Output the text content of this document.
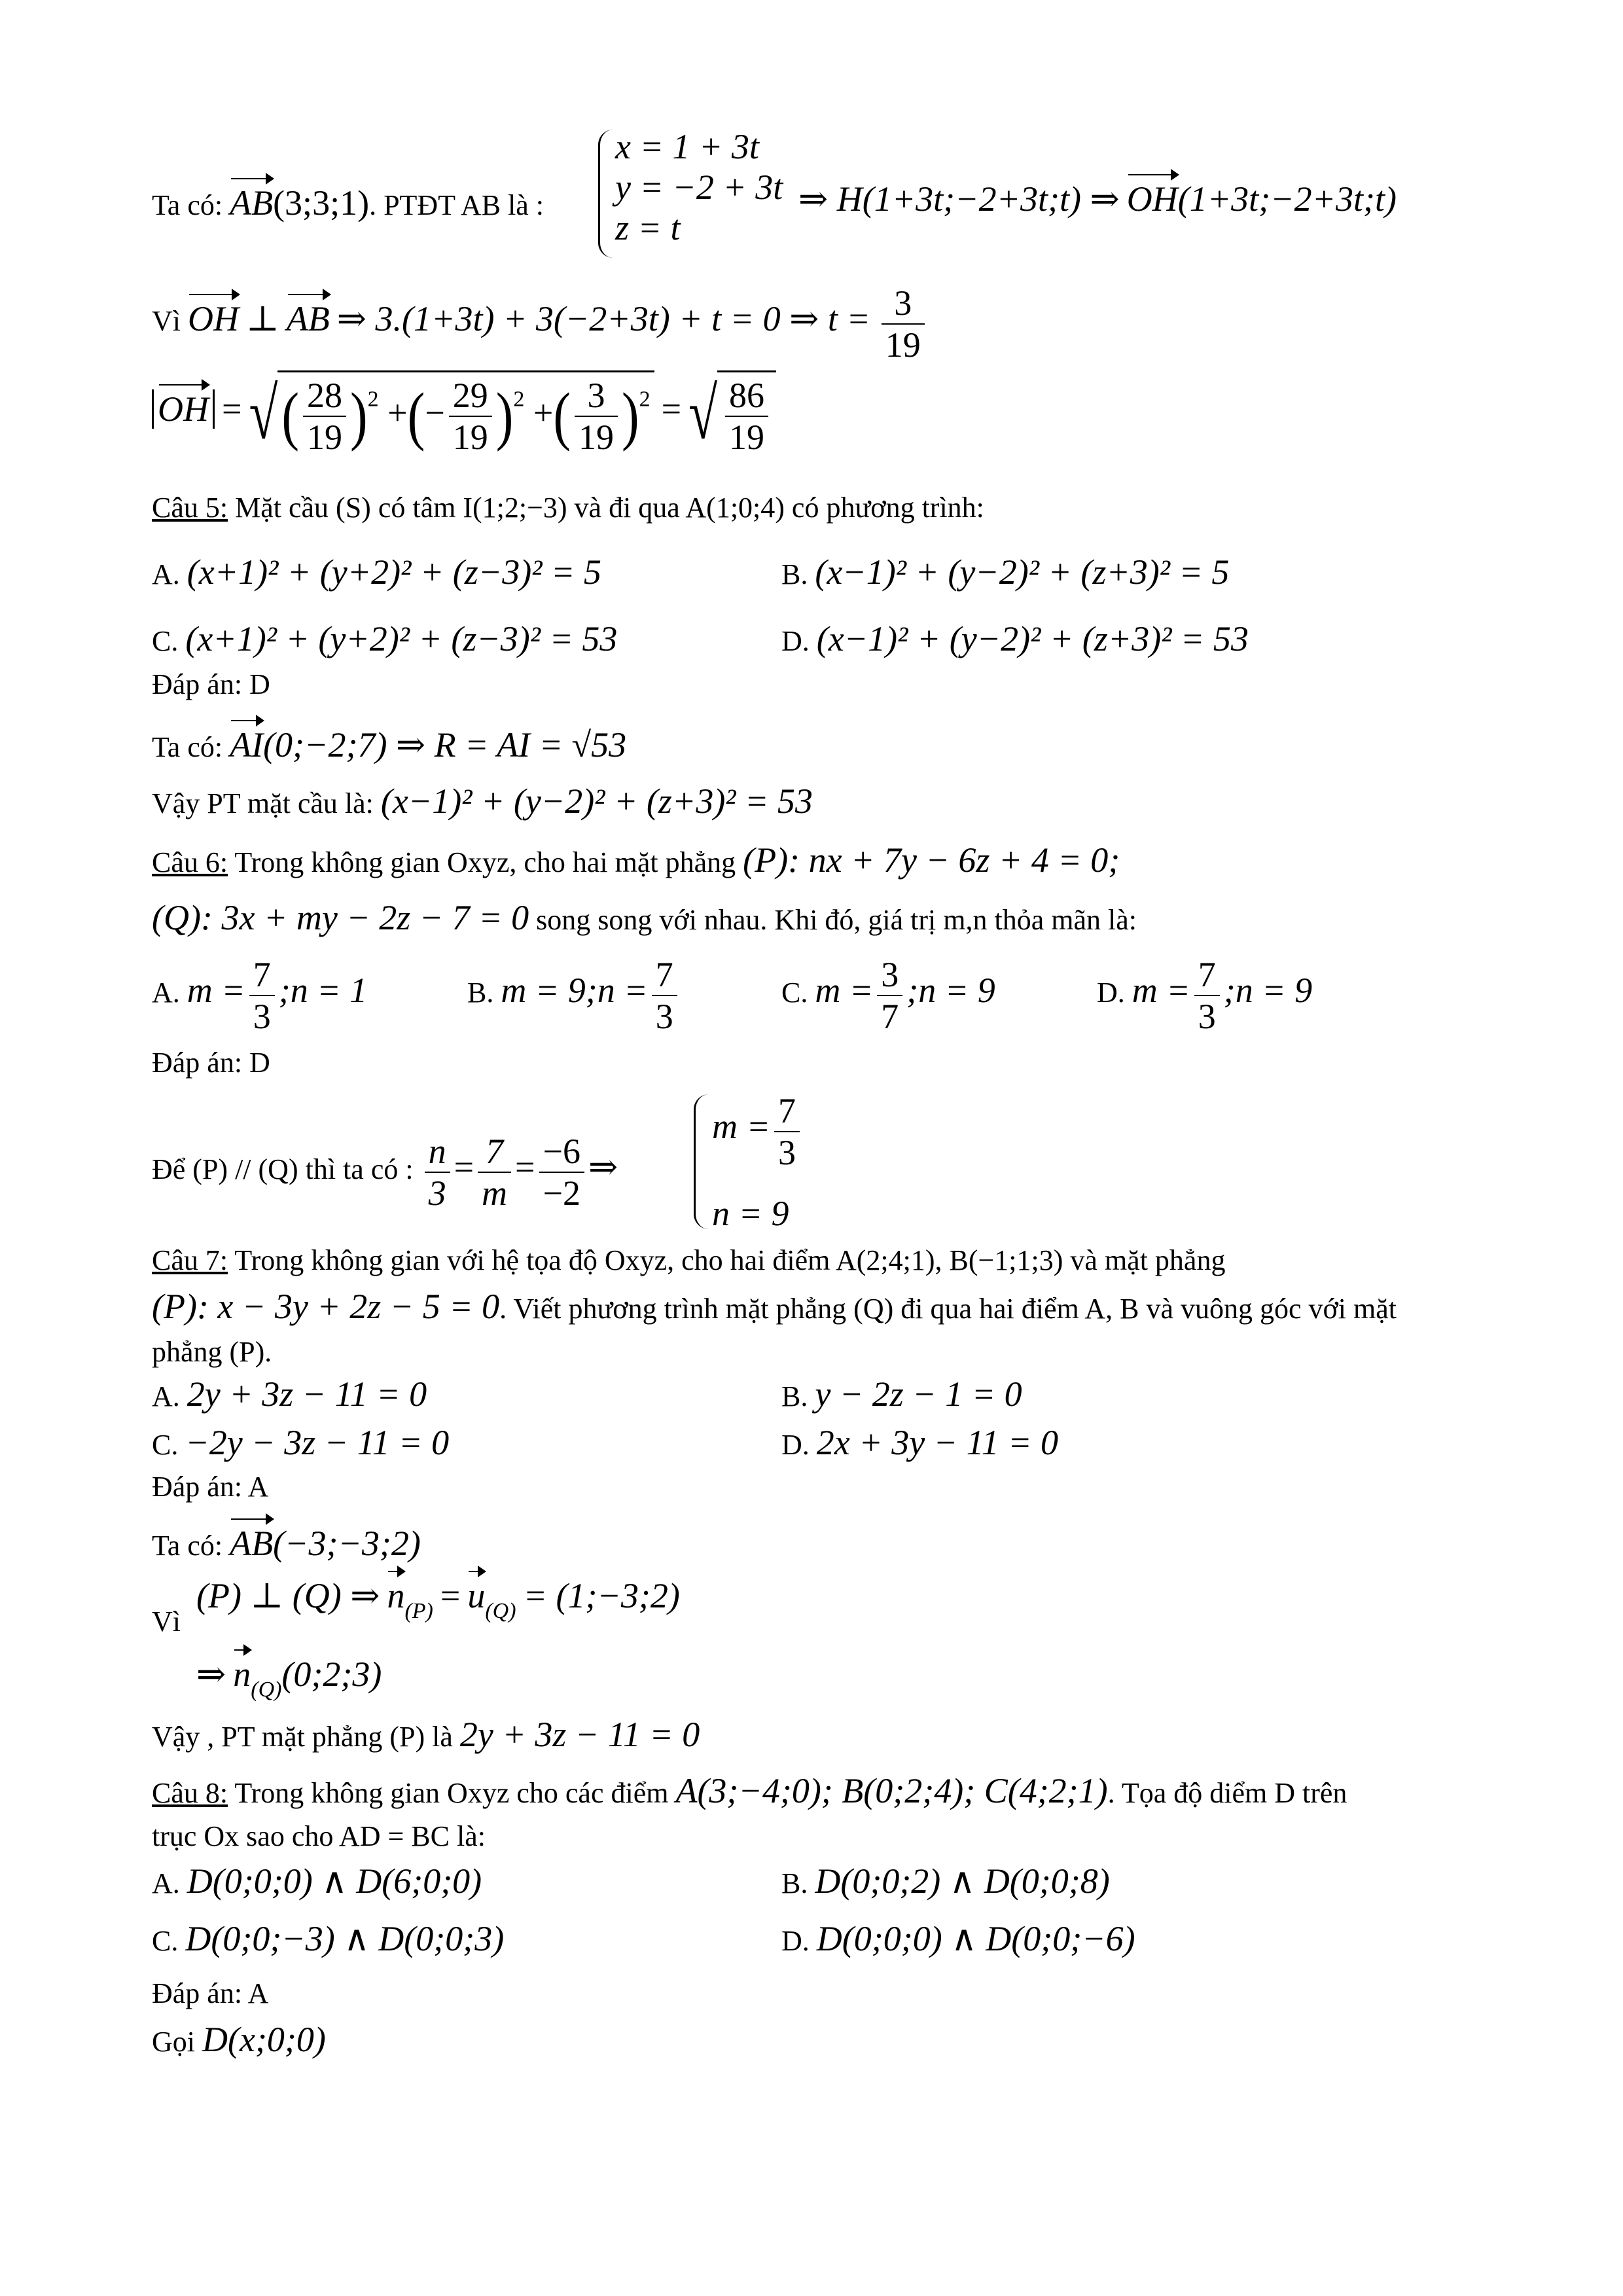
x = 1 + 3t
y = −2 + 3t
z = t
Ta có: AB(3;3;1). PTĐT AB là :	⇒ H(1+3t;−2+3t;t) ⇒ OH(1+3t;−2+3t;t)
Vì OH ⊥ AB ⇒ 3.(1+3t) + 3(−2+3t) + t = 0 ⇒ $t = \frac{3}{19}$
OH = √( $\frac{28}{19} )^2$ +(− $\frac{29}{19} )^2$ +( $\frac{3}{19} )^2$ = √ $\frac{86}{19}$
Câu 5: Mặt cầu (S) có tâm I(1;2;−3) và đi qua A(1;0;4) có phương trình:
A. (x+1)² + (y+2)² + (z−3)² = 5	B. (x−1)² + (y−2)² + (z+3)² = 5
C. (x+1)² + (y+2)² + (z−3)² = 53	D. (x−1)² + (y−2)² + (z+3)² = 53
Đáp án: D
Ta có: AI(0;−2;7) ⇒ R = AI = √53
Vậy PT mặt cầu là: (x−1)² + (y−2)² + (z+3)² = 53
Câu 6: Trong không gian Oxyz, cho hai mặt phẳng (P): nx + 7y − 6z + 4 = 0;
(Q): 3x + my − 2z − 7 = 0 song song với nhau. Khi đó, giá trị m,n thỏa mãn là:
A. $m = \frac{7}{3}$ ;n = 1	B. m = 9;n = $\frac{7}{3}$	C. $m = \frac{3}{7}$ ;n = 9	D. $m = \frac{7}{3}$ ;n = 9
Đáp án: D
Để (P) // (Q) thì ta có : $\frac{n}{3} = \frac{7}{m} = \frac{-6}{-2}$ ⇒
$m = \frac{7}{3}$
n = 9
Câu 7: Trong không gian với hệ tọa độ Oxyz, cho hai điểm A(2;4;1), B(−1;1;3) và mặt phẳng
(P): x − 3y + 2z − 5 = 0. Viết phương trình mặt phẳng (Q) đi qua hai điểm A, B và vuông góc với mặt
phẳng (P).
A. 2y + 3z − 11 = 0	B. y − 2z − 1 = 0
C. −2y − 3z − 11 = 0	D. 2x + 3y − 11 = 0
Đáp án: A
Ta có: AB(−3;−3;2)
Vì
(P) ⊥ (Q) ⇒ $n_{(P)} = u_{(Q)}$ = (1;−3;2)
⇒ $n_{(Q)}(0;2;3)$
Vậy , PT mặt phẳng (P) là 2y + 3z − 11 = 0
Câu 8: Trong không gian Oxyz cho các điểm A(3;−4;0); B(0;2;4); C(4;2;1). Tọa độ diểm D trên
trục Ox sao cho AD = BC là:
A. D(0;0;0) ∧ D(6;0;0)	B. D(0;0;2) ∧ D(0;0;8)
C. D(0;0;−3) ∧ D(0;0;3)	D. D(0;0;0) ∧ D(0;0;−6)
Đáp án: A
Gọi D(x;0;0)
